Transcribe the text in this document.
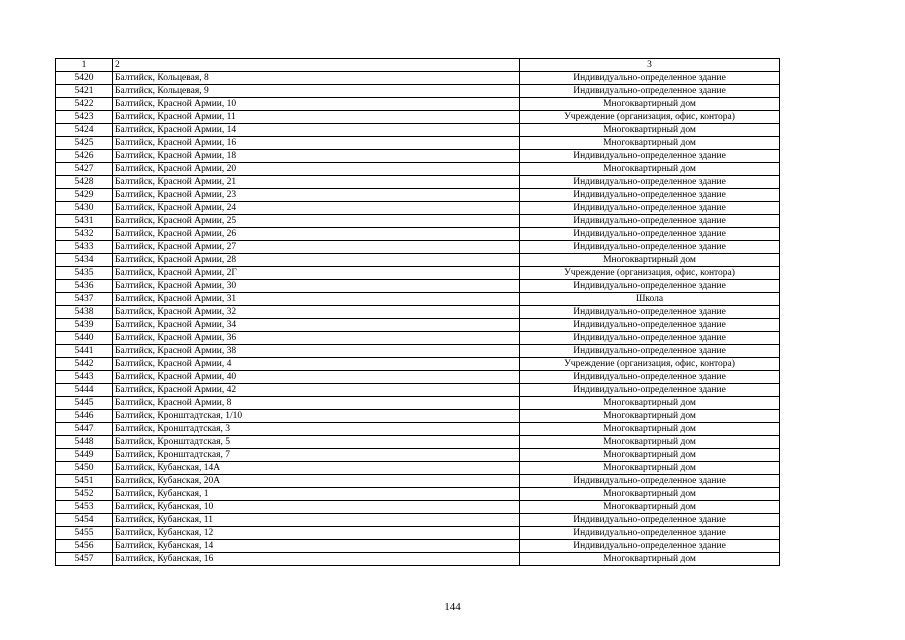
1	2	3
5420	Балтийск, Кольцевая, 8	Индивидуально-определенное здание
5421	Балтийск, Кольцевая, 9	Индивидуально-определенное здание
5422	Балтийск, Красной Армии, 10	Многоквартирный дом
5423	Балтийск, Красной Армии, 11	Учреждение (организация, офис, контора)
5424	Балтийск, Красной Армии, 14	Многоквартирный дом
5425	Балтийск, Красной Армии, 16	Многоквартирный дом
5426	Балтийск, Красной Армии, 18	Индивидуально-определенное здание
5427	Балтийск, Красной Армии, 20	Многоквартирный дом
5428	Балтийск, Красной Армии, 21	Индивидуально-определенное здание
5429	Балтийск, Красной Армии, 23	Индивидуально-определенное здание
5430	Балтийск, Красной Армии, 24	Индивидуально-определенное здание
5431	Балтийск, Красной Армии, 25	Индивидуально-определенное здание
5432	Балтийск, Красной Армии, 26	Индивидуально-определенное здание
5433	Балтийск, Красной Армии, 27	Индивидуально-определенное здание
5434	Балтийск, Красной Армии, 28	Многоквартирный дом
5435	Балтийск, Красной Армии, 2Г	Учреждение (организация, офис, контора)
5436	Балтийск, Красной Армии, 30	Индивидуально-определенное здание
5437	Балтийск, Красной Армии, 31	Школа
5438	Балтийск, Красной Армии, 32	Индивидуально-определенное здание
5439	Балтийск, Красной Армии, 34	Индивидуально-определенное здание
5440	Балтийск, Красной Армии, 36	Индивидуально-определенное здание
5441	Балтийск, Красной Армии, 38	Индивидуально-определенное здание
5442	Балтийск, Красной Армии, 4	Учреждение (организация, офис, контора)
5443	Балтийск, Красной Армии, 40	Индивидуально-определенное здание
5444	Балтийск, Красной Армии, 42	Индивидуально-определенное здание
5445	Балтийск, Красной Армии, 8	Многоквартирный дом
5446	Балтийск, Кронштадтская, 1/10	Многоквартирный дом
5447	Балтийск, Кронштадтская, 3	Многоквартирный дом
5448	Балтийск, Кронштадтская, 5	Многоквартирный дом
5449	Балтийск, Кронштадтская, 7	Многоквартирный дом
5450	Балтийск, Кубанская, 14А	Многоквартирный дом
5451	Балтийск, Кубанская, 20А	Индивидуально-определенное здание
5452	Балтийск, Кубанская, 1	Многоквартирный дом
5453	Балтийск, Кубанская, 10	Многоквартирный дом
5454	Балтийск, Кубанская, 11	Индивидуально-определенное здание
5455	Балтийск, Кубанская, 12	Индивидуально-определенное здание
5456	Балтийск, Кубанская, 14	Индивидуально-определенное здание
5457	Балтийск, Кубанская, 16	Многоквартирный дом
144
